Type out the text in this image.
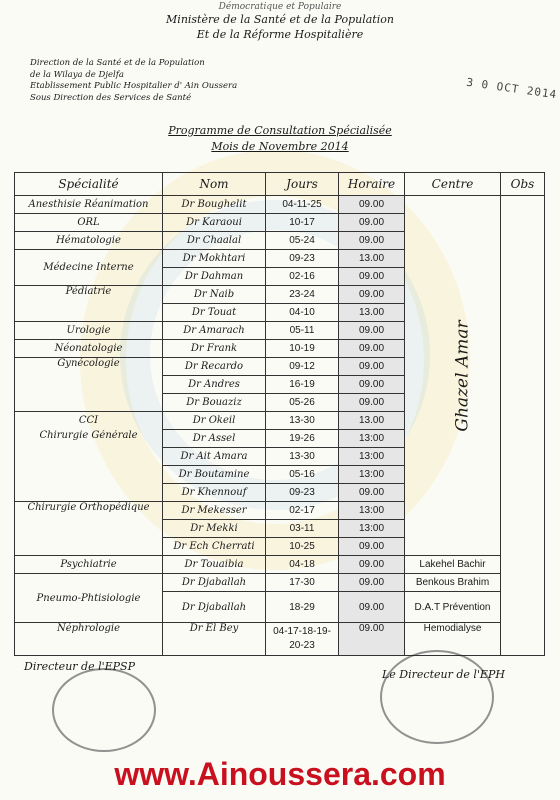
Démocratique et Populaire
Ministère de la Santé et de la Population
Et de la Réforme Hospitalière
Direction de la Santé et de la Population
de la Wilaya de Djelfa
Etablissement Public Hospitalier d' Ain Oussera
Sous Direction des Services de Santé	3 0 OCT 2014
Programme de Consultation Spécialisée
Mois de Novembre 2014
Spécialité	Nom	Jours	Horaire	Centre	Obs
Anesthisie Réanimation	Dr Boughelit	04-11-25	09.00	Ghazel Amar	
ORL	Dr Karaoui	10-17	09.00		
Hématologie	Dr Chaalal	05-24	09.00		
Médecine Interne	Dr Mokhtari	09-23	13.00		
	Dr Dahman	02-16	09.00		
Pédiatrie	Dr Naib	23-24	09.00		
	Dr Touat	04-10	13.00		
Urologie	Dr Amarach	05-11	09.00		
Néonatologie	Dr Frank	10-19	09.00		
Gynécologie	Dr Recardo	09-12	09.00		
	Dr Andres	16-19	09.00		
	Dr Bouaziz	05-26	09.00		
CCI	Dr Okeil	13-30	13.00		
Chirurgie Générale	Dr Assel	19-26	13:00		
	Dr Ait Amara	13-30	13:00		
	Dr Boutamine	05-16	13:00		
	Dr Khennouf	09-23	09.00		
Chirurgie Orthopédique	Dr Mekesser	02-17	13:00		
	Dr Mekki	03-11	13:00		
	Dr Ech Cherrati	10-25	09.00		
Psychiatrie	Dr Touaibia	04-18	09.00	Lakehel Bachir	
Pneumo-Phtisiologie	Dr Djaballah	17-30	09.00	Benkous Brahim	
	Dr Djaballah	18-29	09.00	D.A.T Prévention	
Néphrologie	Dr El Bey	04-17-18-19-20-23	09.00	Hemodialyse	
Directeur de l'EPSP
Le Directeur de l'EPH
www.Ainoussera.com
